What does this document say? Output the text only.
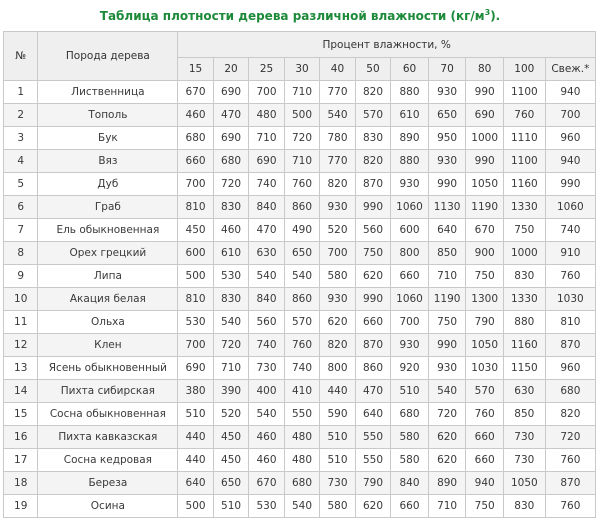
Таблица плотности дерева различной влажности $(кг/м^3)$.
№	Порода дерева	Процент влажности, %										
		15	20	25	30	40	50	60	70	80	100	Свеж.*
1	Лиственница	670	690	700	710	770	820	880	930	990	1100	940
2	Тополь	460	470	480	500	540	570	610	650	690	760	700
3	Бук	680	690	710	720	780	830	890	950	1000	1110	960
4	Вяз	660	680	690	710	770	820	880	930	990	1100	940
5	Дуб	700	720	740	760	820	870	930	990	1050	1160	990
6	Граб	810	830	840	860	930	990	1060	1130	1190	1330	1060
7	Ель обыкновенная	450	460	470	490	520	560	600	640	670	750	740
8	Орех грецкий	600	610	630	650	700	750	800	850	900	1000	910
9	Липа	500	530	540	540	580	620	660	710	750	830	760
10	Акация белая	810	830	840	860	930	990	1060	1190	1300	1330	1030
11	Ольха	530	540	560	570	620	660	700	750	790	880	810
12	Клен	700	720	740	760	820	870	930	990	1050	1160	870
13	Ясень обыкновенный	690	710	730	740	800	860	920	930	1030	1150	960
14	Пихта сибирская	380	390	400	410	440	470	510	540	570	630	680
15	Сосна обыкновенная	510	520	540	550	590	640	680	720	760	850	820
16	Пихта кавказская	440	450	460	480	510	550	580	620	660	730	720
17	Сосна кедровая	440	450	460	480	510	550	580	620	660	730	760
18	Береза	640	650	670	680	730	790	840	890	940	1050	870
19	Осина	500	510	530	540	580	620	660	710	750	830	760
